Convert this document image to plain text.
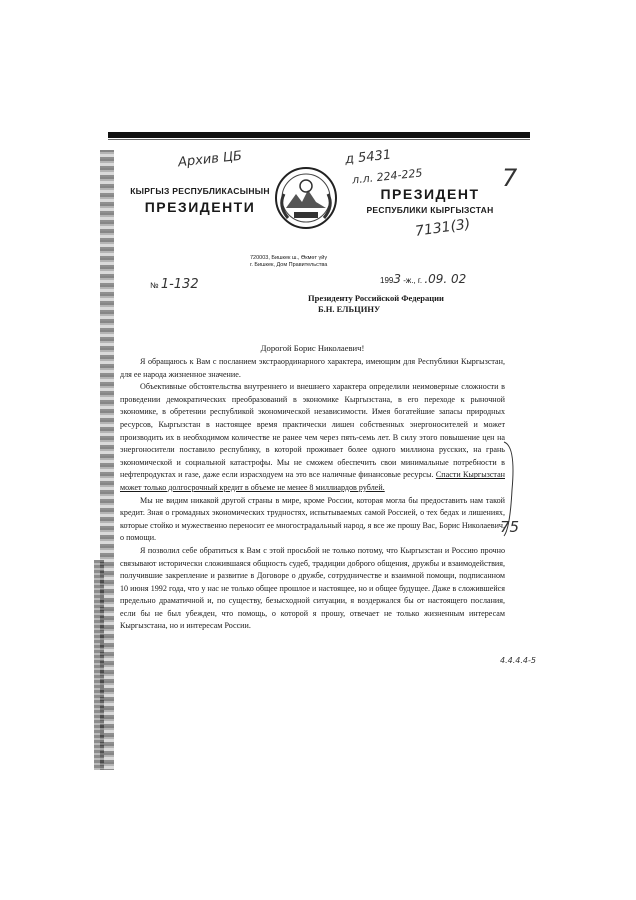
Архив ЦБ	д 5431
л.л. 224-225
7131(3)
7
КЫРГЫЗ РЕСПУБЛИКАСЫНЫН
ПРЕЗИДЕНТИ
ПРЕЗИДЕНТ
РЕСПУБЛИКИ КЫРГЫЗСТАН
720003, Бишкек ш., Өкмөт үйү
г. Бишкек, Дом Правительства
№ 1-132	1993 -ж., г. .09. 02
Президенту Российской Федерации
Б.Н. ЕЛЬЦИНУ
Дорогой Борис Николаевич!

Я обращаюсь к Вам с посланием экстраординарного характера, имеющим для Республики Кыргызстан, для ее народа жизненное значение.

Объективные обстоятельства внутреннего и внешнего характера определили неимоверные сложности в проведении демократических преобразований в экономике Кыргызстана, в его переходе к рыночной экономике, в обретении республикой экономической независимости. Имея богатейшие запасы природных ресурсов, Кыргызстан в настоящее время практически лишен собственных энергоносителей и может производить их в необходимом количестве не ранее чем через пять-семь лет. В силу этого повышение цен на энергоносители поставило республику, в которой проживает более одного миллиона русских, на грань экономической и социальной катастрофы. Мы не сможем обеспечить свои минимальные потребности в нефтепродуктах и газе, даже если израсходуем на это все наличные финансовые ресурсы. Спасти Кыргызстан может только долгосрочный кредит в объеме не менее 8 миллиардов рублей.

Мы не видим никакой другой страны в мире, кроме России, которая могла бы предоставить нам такой кредит. Зная о громадных экономических трудностях, испытываемых самой Россией, о тех бедах и лишениях, которые стойко и мужественно переносит ее многострадальный народ, я все же прошу Вас, Борис Николаевич, о помощи.

Я позволил себе обратиться к Вам с этой просьбой не только потому, что Кыргызстан и Россию прочно связывают исторически сложившаяся общность судеб, традиции доброго общения, дружбы и взаимодействия, получившие закрепление и развитие в Договоре о дружбе, сотрудничестве и взаимной помощи, подписанном 10 июня 1992 года, что у нас не только общее прошлое и настоящее, но и общее будущее. Даже в сложившейся предельно драматичной и, по существу, безысходной ситуации, я воздержался бы от настоящего послания, если бы не был убежден, что помощь, о которой я прошу, отвечает не только жизненным интересам Кыргызстана, но и интересам России.

75
4.4.4.4-5
